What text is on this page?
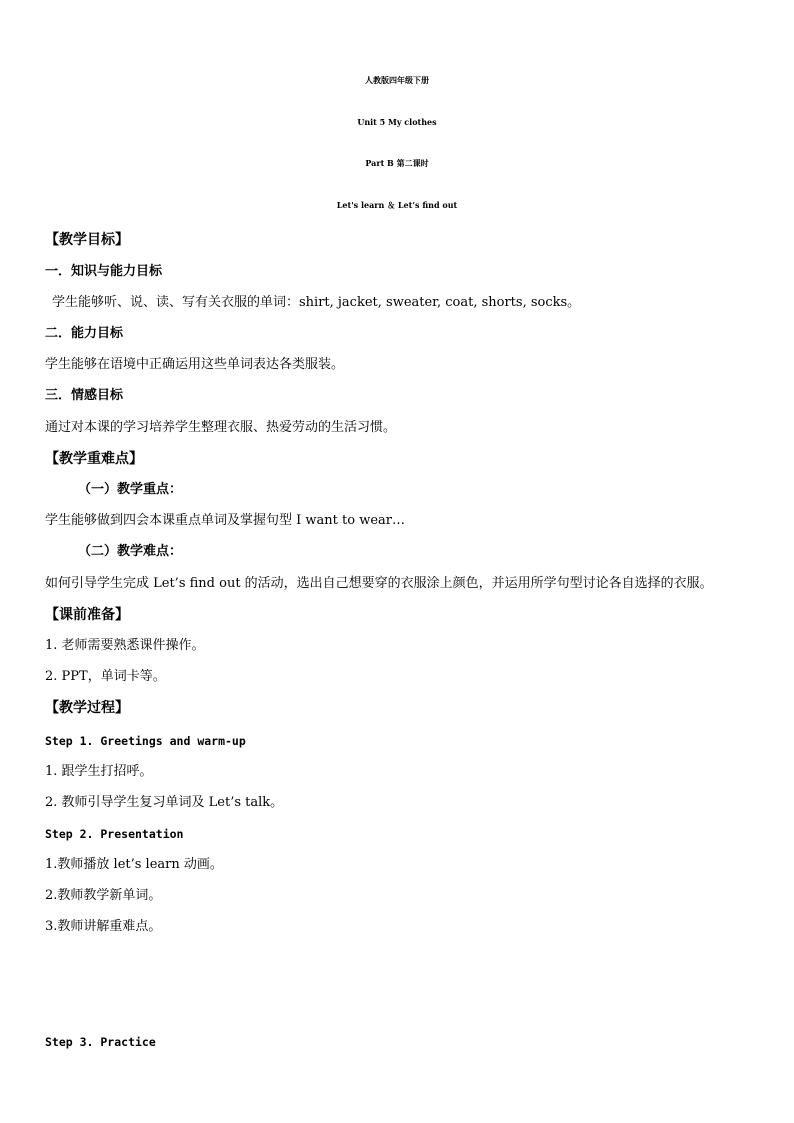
人教版四年级下册
Unit 5 My clothes
Part B 第二课时
Let's learn ＆ Let’s find out
【教学目标】
一．知识与能力目标
学生能够听、说、读、写有关衣服的单词：shirt, jacket, sweater, coat, shorts, socks。
二．能力目标
学生能够在语境中正确运用这些单词表达各类服装。
三．情感目标
通过对本课的学习培养学生整理衣服、热爱劳动的生活习惯。
【教学重难点】
（一）教学重点：
学生能够做到四会本课重点单词及掌握句型 I want to wear…
（二）教学难点：
如何引导学生完成 Let’s find out 的活动，选出自己想要穿的衣服涂上颜色，并运用所学句型讨论各自选择的衣服。
【课前准备】
1. 老师需要熟悉课件操作。
2. PPT，单词卡等。
【教学过程】
Step 1. Greetings and warm-up
1. 跟学生打招呼。
2. 教师引导学生复习单词及 Let’s talk。
Step 2. Presentation
1.教师播放 let’s learn 动画。
2.教师教学新单词。
3.教师讲解重难点。
Step 3. Practice
